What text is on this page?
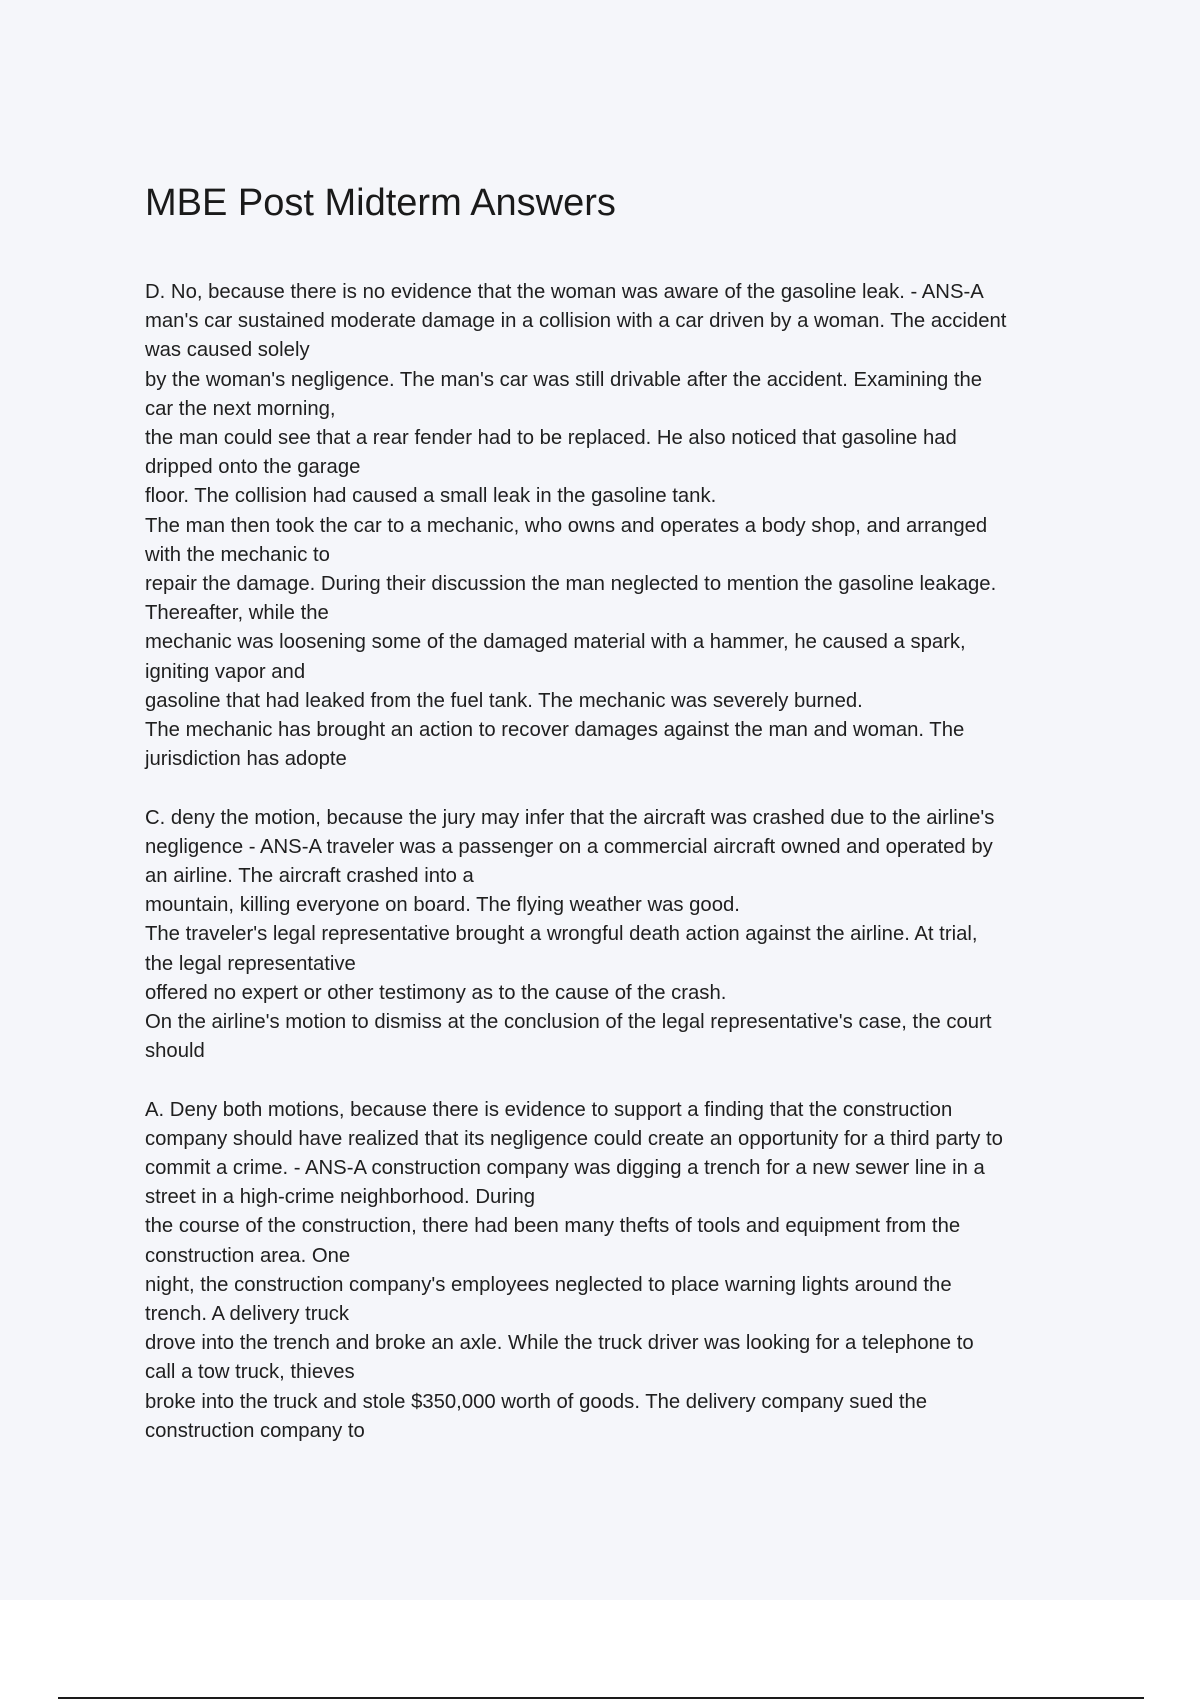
MBE Post Midterm Answers

D. No, because there is no evidence that the woman was aware of the gasoline leak. - ANS-A
man's car sustained moderate damage in a collision with a car driven by a woman. The accident
was caused solely
by the woman's negligence. The man's car was still drivable after the accident. Examining the
car the next morning,
the man could see that a rear fender had to be replaced. He also noticed that gasoline had
dripped onto the garage
floor. The collision had caused a small leak in the gasoline tank.
The man then took the car to a mechanic, who owns and operates a body shop, and arranged
with the mechanic to
repair the damage. During their discussion the man neglected to mention the gasoline leakage.
Thereafter, while the
mechanic was loosening some of the damaged material with a hammer, he caused a spark,
igniting vapor and
gasoline that had leaked from the fuel tank. The mechanic was severely burned.
The mechanic has brought an action to recover damages against the man and woman. The
jurisdiction has adopte

C. deny the motion, because the jury may infer that the aircraft was crashed due to the airline's
negligence - ANS-A traveler was a passenger on a commercial aircraft owned and operated by
an airline. The aircraft crashed into a
mountain, killing everyone on board. The flying weather was good.
The traveler's legal representative brought a wrongful death action against the airline. At trial,
the legal representative
offered no expert or other testimony as to the cause of the crash.
On the airline's motion to dismiss at the conclusion of the legal representative's case, the court
should

A. Deny both motions, because there is evidence to support a finding that the construction
company should have realized that its negligence could create an opportunity for a third party to
commit a crime. - ANS-A construction company was digging a trench for a new sewer line in a
street in a high-crime neighborhood. During
the course of the construction, there had been many thefts of tools and equipment from the
construction area. One
night, the construction company's employees neglected to place warning lights around the
trench. A delivery truck
drove into the trench and broke an axle. While the truck driver was looking for a telephone to
call a tow truck, thieves
broke into the truck and stole $350,000 worth of goods. The delivery company sued the
construction company to
